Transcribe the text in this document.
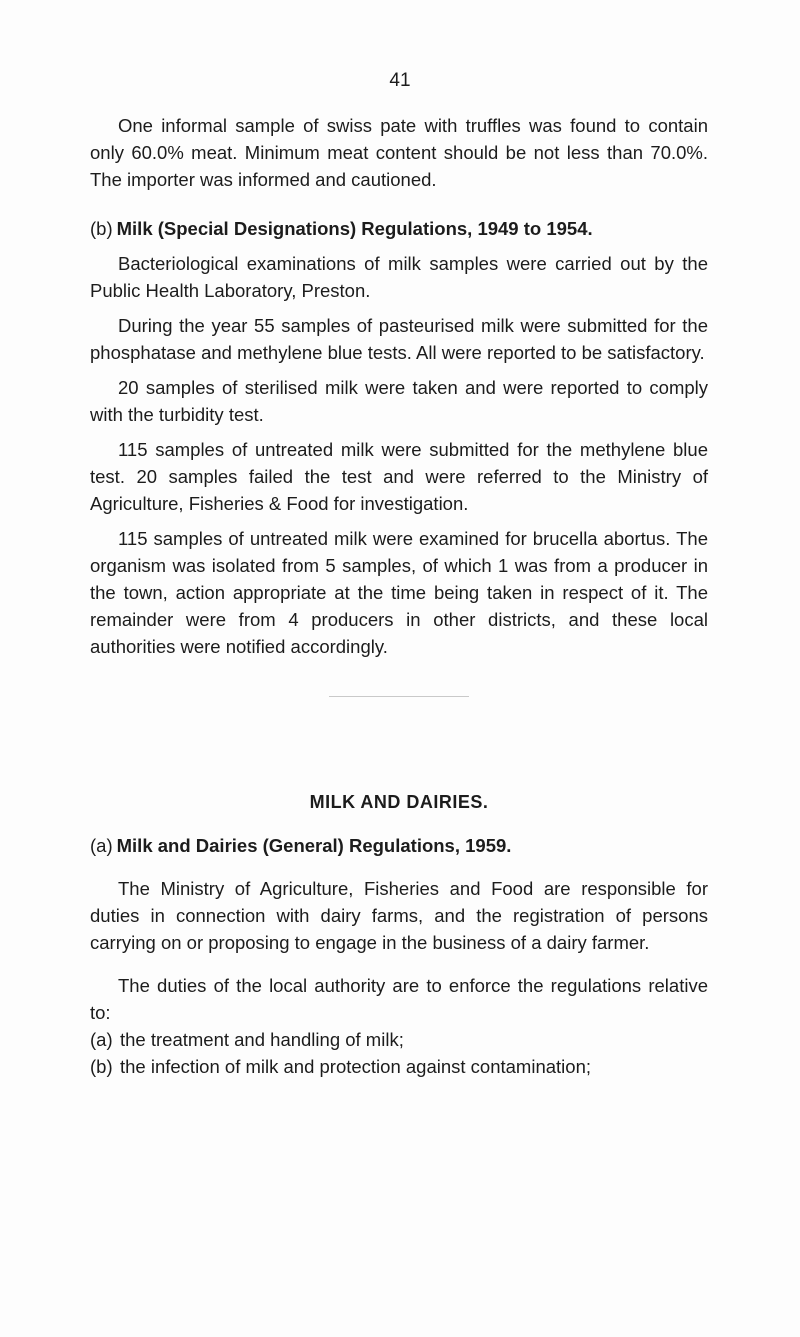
41

One informal sample of swiss pate with truffles was found to contain only 60.0% meat. Minimum meat content should be not less than 70.0%. The importer was informed and cautioned.

(b) Milk (Special Designations) Regulations, 1949 to 1954.

Bacteriological examinations of milk samples were carried out by the Public Health Laboratory, Preston.

During the year 55 samples of pasteurised milk were submitted for the phosphatase and methylene blue tests. All were reported to be satisfactory.

20 samples of sterilised milk were taken and were reported to comply with the turbidity test.

115 samples of untreated milk were submitted for the methylene blue test. 20 samples failed the test and were referred to the Ministry of Agriculture, Fisheries & Food for investigation.

115 samples of untreated milk were examined for brucella abortus. The organism was isolated from 5 samples, of which 1 was from a producer in the town, action appropriate at the time being taken in respect of it. The remainder were from 4 producers in other districts, and these local authorities were notified accordingly.

MILK AND DAIRIES.

(a) Milk and Dairies (General) Regulations, 1959.

The Ministry of Agriculture, Fisheries and Food are responsible for duties in connection with dairy farms, and the registration of persons carrying on or proposing to engage in the business of a dairy farmer.

The duties of the local authority are to enforce the regulations relative to:

(a) the treatment and handling of milk;
(b) the infection of milk and protection against contamination;
